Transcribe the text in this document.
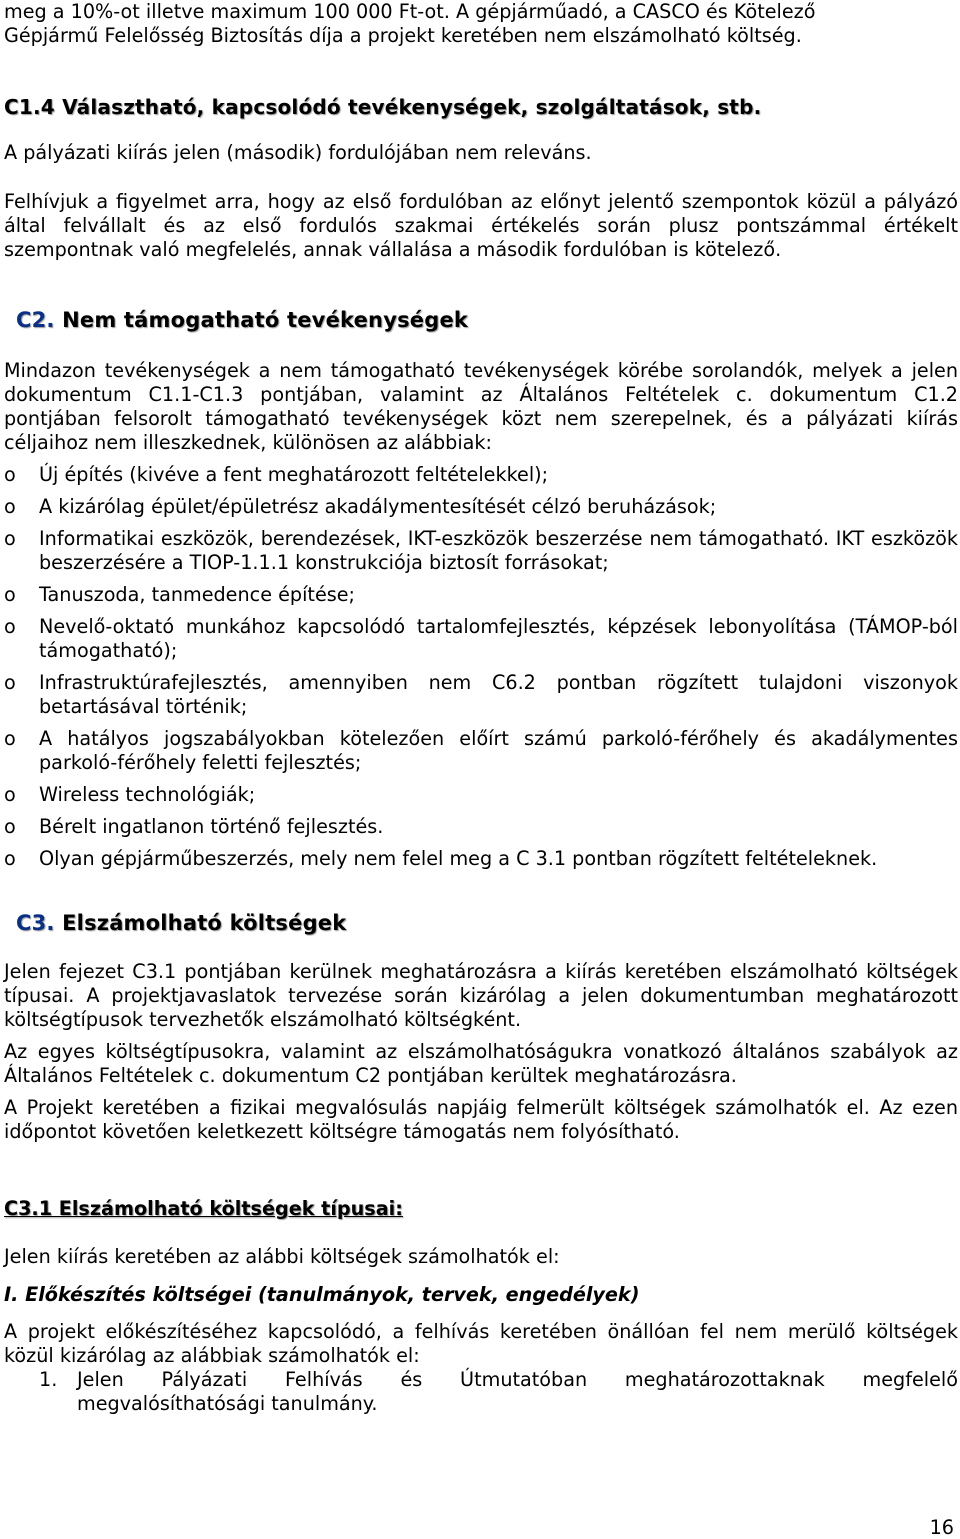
meg a 10%-ot illetve maximum 100 000 Ft-ot. A gépjárműadó, a CASCO és Kötelező
Gépjármű Felelősség Biztosítás díja a projekt keretében nem elszámolható költség.

C1.4 Választható, kapcsolódó tevékenységek, szolgáltatások, stb.

A pályázati kiírás jelen (második) fordulójában nem releváns.

Felhívjuk a figyelmet arra, hogy az első fordulóban az előnyt jelentő szempontok közül a pályázó által felvállalt és az első fordulós szakmai értékelés során plusz pontszámmal értékelt szempontnak való megfelelés, annak vállalása a második fordulóban is kötelező.

C2. Nem támogatható tevékenységek

Mindazon tevékenységek a nem támogatható tevékenységek körébe sorolandók, melyek a jelen dokumentum C1.1-C1.3 pontjában, valamint az Általános Feltételek c. dokumentum C1.2 pontjában felsorolt támogatható tevékenységek közt nem szerepelnek, és a pályázati kiírás céljaihoz nem illeszkednek, különösen az alábbiak:

o Új építés (kivéve a fent meghatározott feltételekkel);
o A kizárólag épület/épületrész akadálymentesítését célzó beruházások;
o Informatikai eszközök, berendezések, IKT-eszközök beszerzése nem támogatható. IKT eszközök beszerzésére a TIOP-1.1.1 konstrukciója biztosít forrásokat;
o Tanuszoda, tanmedence építése;
o Nevelő-oktató munkához kapcsolódó tartalomfejlesztés, képzések lebonyolítása (TÁMOP-ból támogatható);
o Infrastruktúrafejlesztés, amennyiben nem C6.2 pontban rögzített tulajdoni viszonyok betartásával történik;
o A hatályos jogszabályokban kötelezően előírt számú parkoló-férőhely és akadálymentes parkoló-férőhely feletti fejlesztés;
o Wireless technológiák;
o Bérelt ingatlanon történő fejlesztés.
o Olyan gépjárműbeszerzés, mely nem felel meg a C 3.1 pontban rögzített feltételeknek.
C3. Elszámolható költségek

Jelen fejezet C3.1 pontjában kerülnek meghatározásra a kiírás keretében elszámolható költségek típusai. A projektjavaslatok tervezése során kizárólag a jelen dokumentumban meghatározott költségtípusok tervezhetők elszámolható költségként.

Az egyes költségtípusokra, valamint az elszámolhatóságukra vonatkozó általános szabályok az Általános Feltételek c. dokumentum C2 pontjában kerültek meghatározásra.

A Projekt keretében a fizikai megvalósulás napjáig felmerült költségek számolhatók el. Az ezen időpontot követően keletkezett költségre támogatás nem folyósítható.

C3.1 Elszámolható költségek típusai:

Jelen kiírás keretében az alábbi költségek számolhatók el:

I. Előkészítés költségei (tanulmányok, tervek, engedélyek)

A projekt előkészítéséhez kapcsolódó, a felhívás keretében önállóan fel nem merülő költségek közül kizárólag az alábbiak számolhatók el:

1. Jelen Pályázati Felhívás és Útmutatóban meghatározottaknak megfelelő megvalósíthatósági tanulmány.
16
